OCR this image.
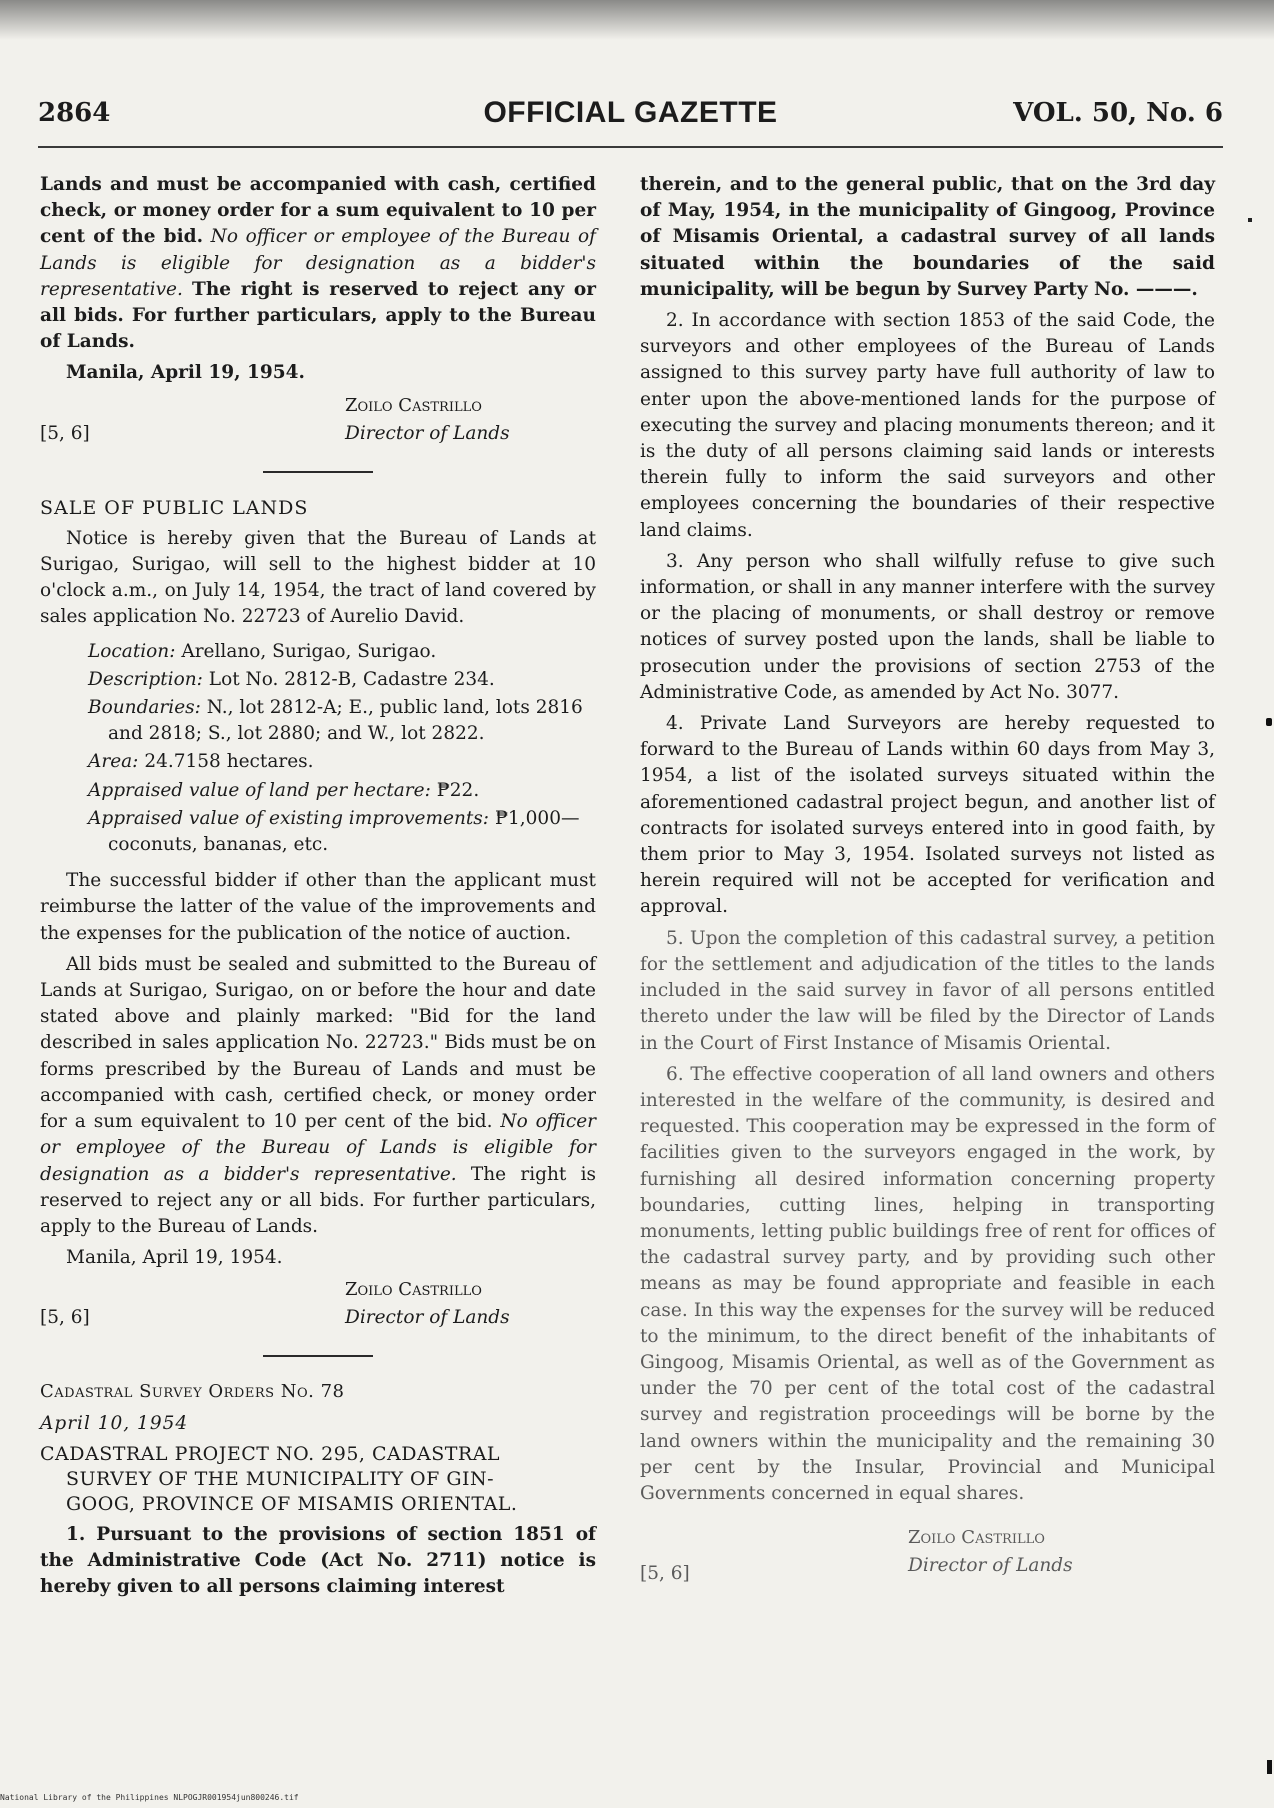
2864	OFFICIAL GAZETTE	VOL. 50, No. 6

Lands and must be accompanied with cash, certified check, or money order for a sum equivalent to 10 per cent of the bid. No officer or employee of the Bureau of Lands is eligible for designation as a bidder's representative. The right is reserved to reject any or all bids. For further particulars, apply to the Bureau of Lands.

Manila, April 19, 1954.

Zoilo Castrillo
Director of Lands
[5, 6]

SALE OF PUBLIC LANDS

Notice is hereby given that the Bureau of Lands at Surigao, Surigao, will sell to the highest bidder at 10 o'clock a.m., on July 14, 1954, the tract of land covered by sales application No. 22723 of Aurelio David.

Location: Arellano, Surigao, Surigao.

Description: Lot No. 2812-B, Cadastre 234.

Boundaries: N., lot 2812-A; E., public land, lots 2816 and 2818; S., lot 2880; and W., lot 2822.

Area: 24.7158 hectares.

Appraised value of land per hectare: ₱22.

Appraised value of existing improvements: ₱1,000—coconuts, bananas, etc.

The successful bidder if other than the applicant must reimburse the latter of the value of the improvements and the expenses for the publication of the notice of auction.

All bids must be sealed and submitted to the Bureau of Lands at Surigao, Surigao, on or before the hour and date stated above and plainly marked: "Bid for the land described in sales application No. 22723." Bids must be on forms prescribed by the Bureau of Lands and must be accompanied with cash, certified check, or money order for a sum equivalent to 10 per cent of the bid. No officer or employee of the Bureau of Lands is eligible for designation as a bidder's representative. The right is reserved to reject any or all bids. For further particulars, apply to the Bureau of Lands.

Manila, April 19, 1954.

Zoilo Castrillo
Director of Lands
[5, 6]

Cadastral Survey Orders No. 78

April 10, 1954

CADASTRAL PROJECT NO. 295, CADASTRAL
SURVEY OF THE MUNICIPALITY OF GIN-
GOOG, PROVINCE OF MISAMIS ORIENTAL.

1. Pursuant to the provisions of section 1851 of the Administrative Code (Act No. 2711) notice is hereby given to all persons claiming interest

therein, and to the general public, that on the 3rd day of May, 1954, in the municipality of Gingoog, Province of Misamis Oriental, a cadastral survey of all lands situated within the boundaries of the said municipality, will be begun by Survey Party No. ———.

2. In accordance with section 1853 of the said Code, the surveyors and other employees of the Bureau of Lands assigned to this survey party have full authority of law to enter upon the above-mentioned lands for the purpose of executing the survey and placing monuments thereon; and it is the duty of all persons claiming said lands or interests therein fully to inform the said surveyors and other employees concerning the boundaries of their respective land claims.

3. Any person who shall wilfully refuse to give such information, or shall in any manner interfere with the survey or the placing of monuments, or shall destroy or remove notices of survey posted upon the lands, shall be liable to prosecution under the provisions of section 2753 of the Administrative Code, as amended by Act No. 3077.

4. Private Land Surveyors are hereby requested to forward to the Bureau of Lands within 60 days from May 3, 1954, a list of the isolated surveys situated within the aforementioned cadastral project begun, and another list of contracts for isolated surveys entered into in good faith, by them prior to May 3, 1954. Isolated surveys not listed as herein required will not be accepted for verification and approval.

5. Upon the completion of this cadastral survey, a petition for the settlement and adjudication of the titles to the lands included in the said survey in favor of all persons entitled thereto under the law will be filed by the Director of Lands in the Court of First Instance of Misamis Oriental.

6. The effective cooperation of all land owners and others interested in the welfare of the community, is desired and requested. This cooperation may be expressed in the form of facilities given to the surveyors engaged in the work, by furnishing all desired information concerning property boundaries, cutting lines, helping in transporting monuments, letting public buildings free of rent for offices of the cadastral survey party, and by providing such other means as may be found appropriate and feasible in each case. In this way the expenses for the survey will be reduced to the minimum, to the direct benefit of the inhabitants of Gingoog, Misamis Oriental, as well as of the Government as under the 70 per cent of the total cost of the cadastral survey and registration proceedings will be borne by the land owners within the municipality and the remaining 30 per cent by the Insular, Provincial and Municipal Governments concerned in equal shares.

Zoilo Castrillo
Director of Lands
[5, 6]
National Library of the Philippines NLPOGJR001954jun800246.tif
